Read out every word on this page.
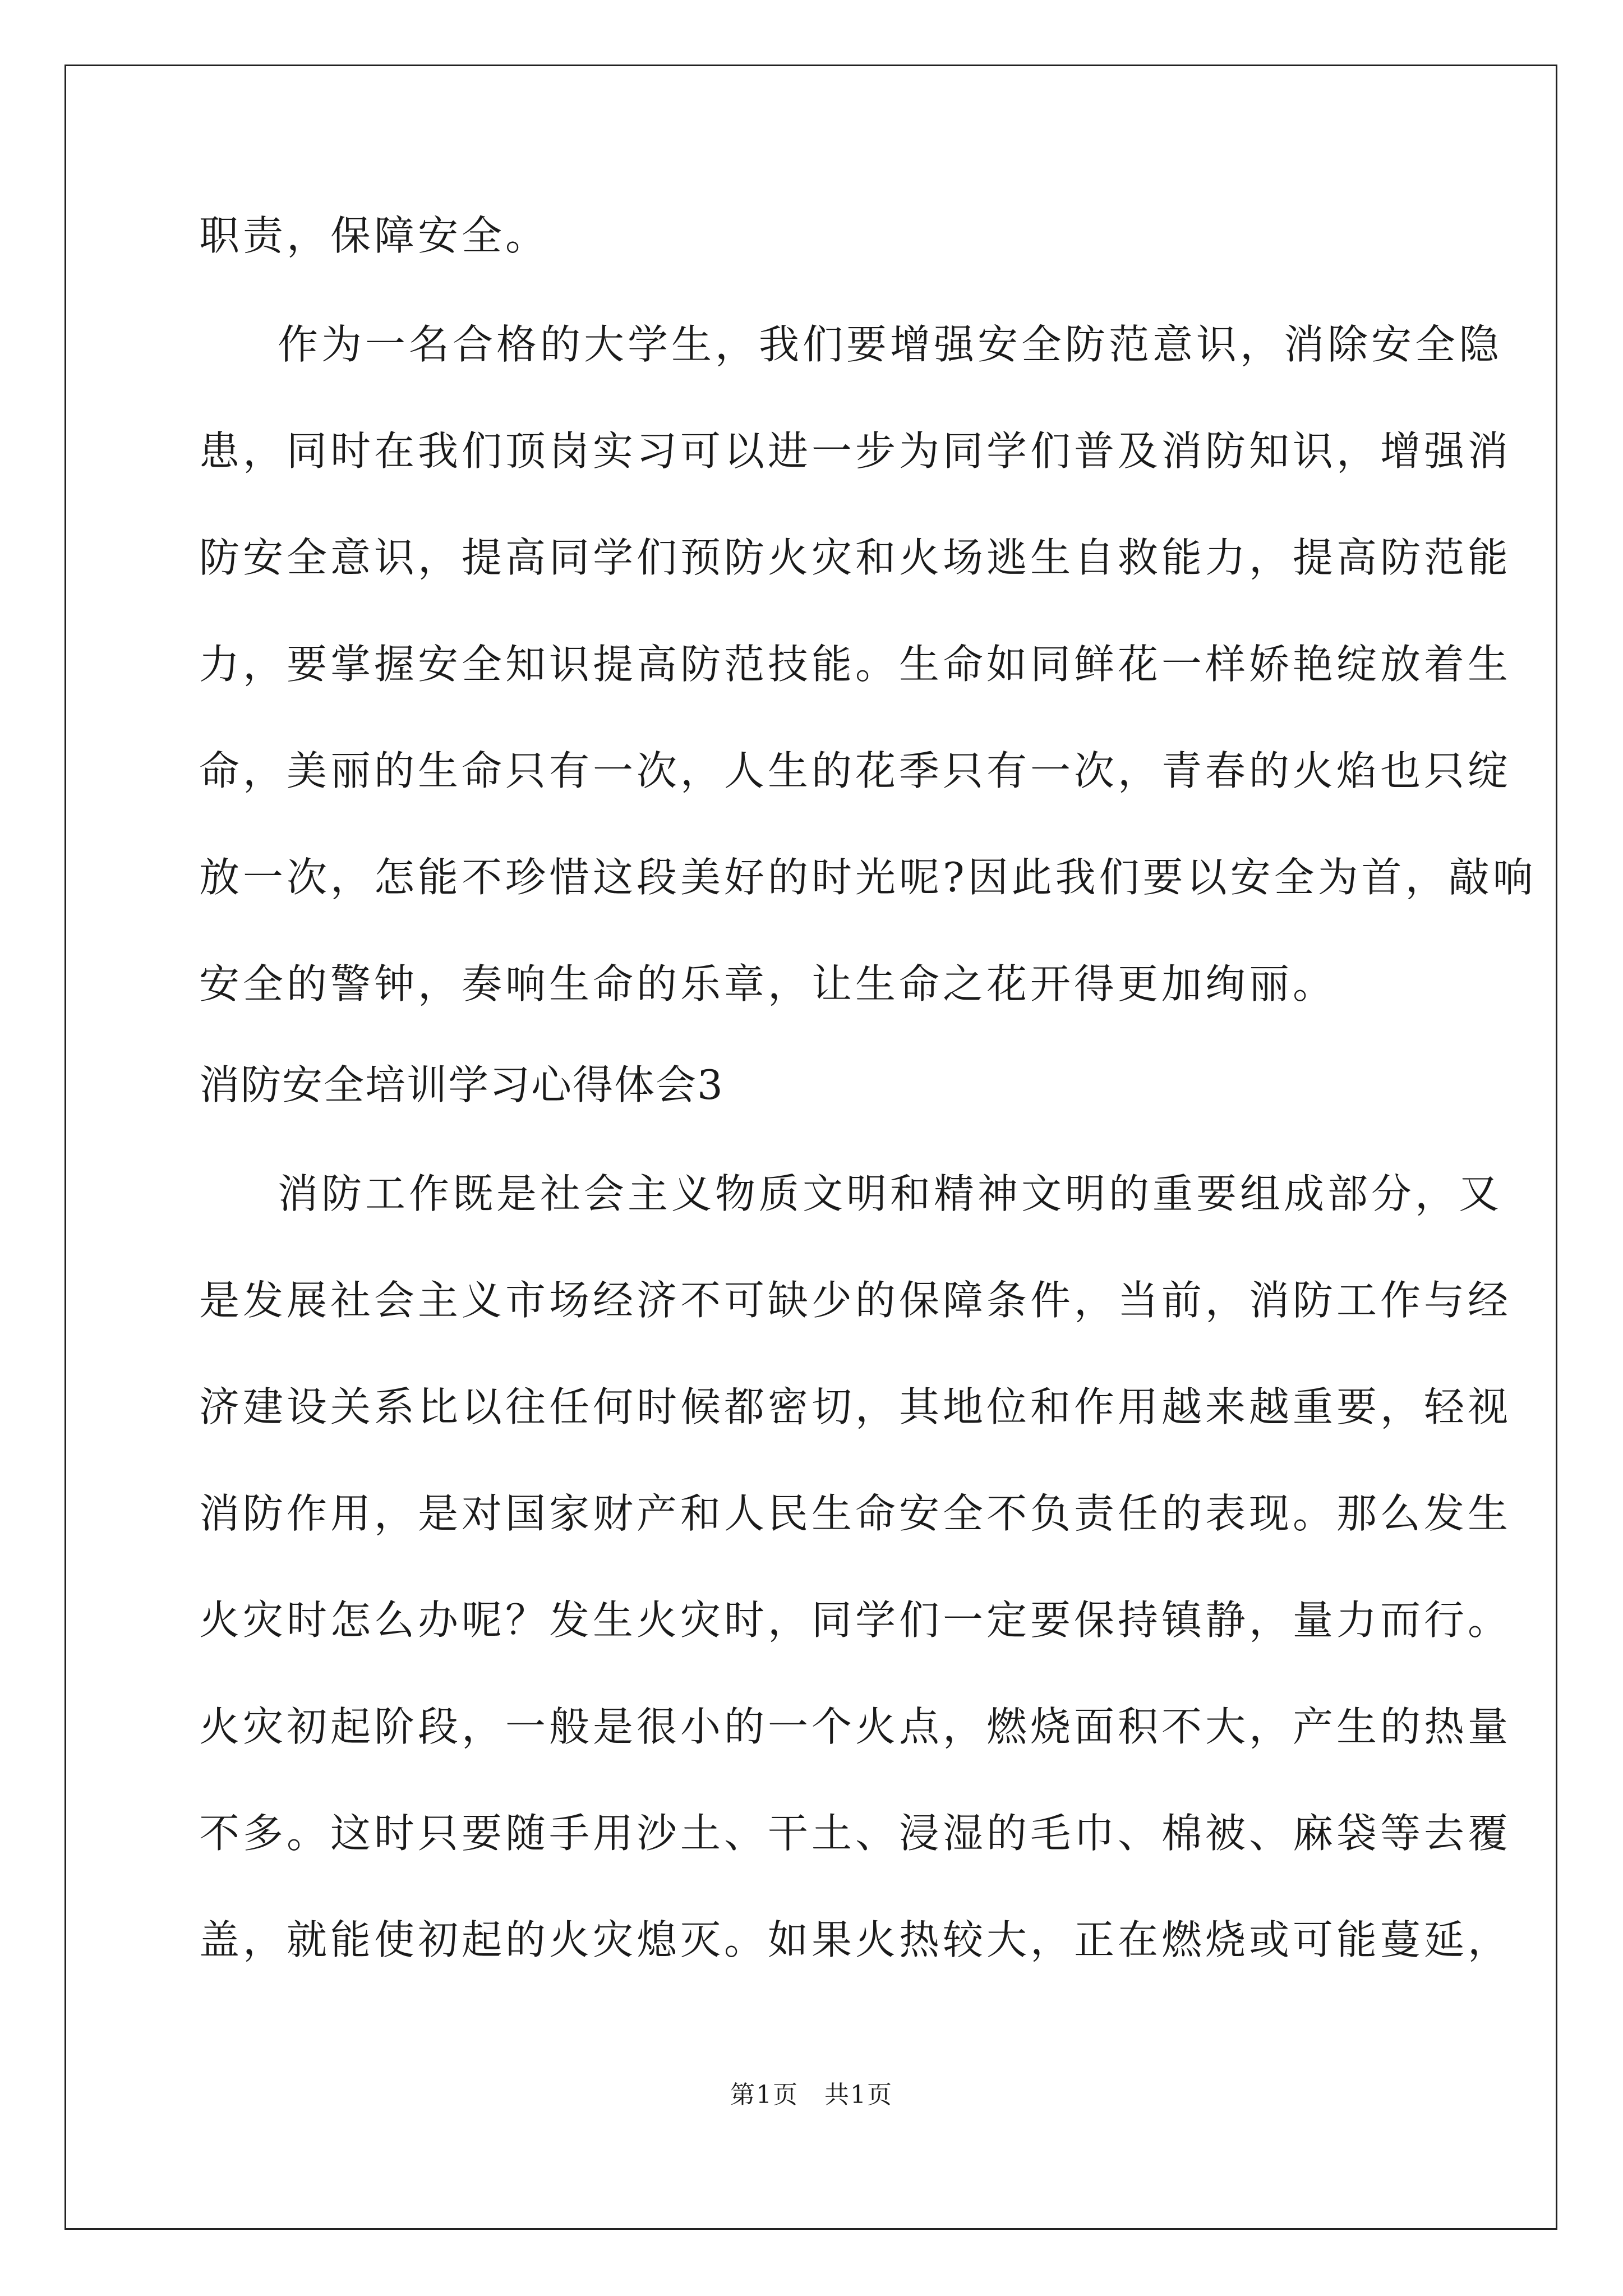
职责，保障安全。
作为一名合格的大学生，我们要增强安全防范意识，消除安全隐
患，同时在我们顶岗实习可以进一步为同学们普及消防知识，增强消
防安全意识，提高同学们预防火灾和火场逃生自救能力，提高防范能
力，要掌握安全知识提高防范技能。生命如同鲜花一样娇艳绽放着生
命，美丽的生命只有一次，人生的花季只有一次，青春的火焰也只绽
放一次，怎能不珍惜这段美好的时光呢?因此我们要以安全为首，敲响
安全的警钟，奏响生命的乐章，让生命之花开得更加绚丽。
消防安全培训学习心得体会3
消防工作既是社会主义物质文明和精神文明的重要组成部分，又
是发展社会主义市场经济不可缺少的保障条件，当前，消防工作与经
济建设关系比以往任何时候都密切，其地位和作用越来越重要，轻视
消防作用，是对国家财产和人民生命安全不负责任的表现。那么发生
火灾时怎么办呢？发生火灾时，同学们一定要保持镇静，量力而行。
火灾初起阶段，一般是很小的一个火点，燃烧面积不大，产生的热量
不多。这时只要随手用沙土、干土、浸湿的毛巾、棉被、麻袋等去覆
盖，就能使初起的火灾熄灭。如果火热较大，正在燃烧或可能蔓延，
第1页　共1页
